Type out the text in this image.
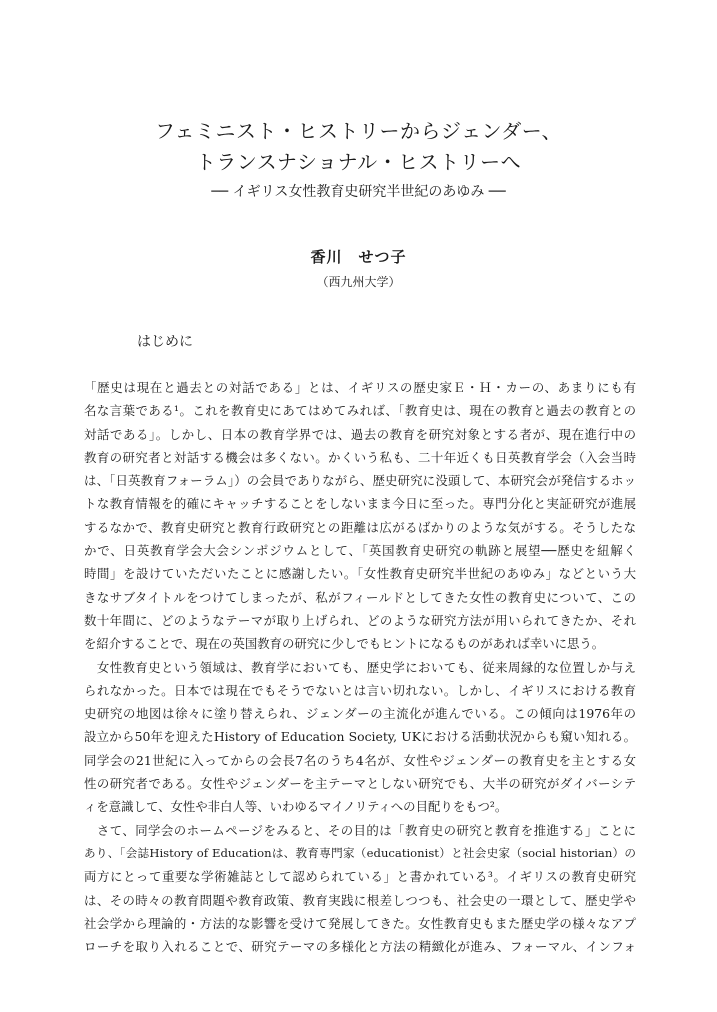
フェミニスト・ヒストリーからジェンダー、
トランスナショナル・ヒストリーへ
── イギリス女性教育史研究半世紀のあゆみ ──
香川　せつ子
（西九州大学）
はじめに
「歴史は現在と過去との対話である」とは、イギリスの歴史家Ｅ・Ｈ・カーの、あまりにも有
名な言葉である¹。これを教育史にあてはめてみれば、「教育史は、現在の教育と過去の教育との
対話である」。しかし、日本の教育学界では、過去の教育を研究対象とする者が、現在進行中の
教育の研究者と対話する機会は多くない。かくいう私も、二十年近くも日英教育学会（入会当時
は、「日英教育フォーラム」）の会員でありながら、歴史研究に没頭して、本研究会が発信するホッ
トな教育情報を的確にキャッチすることをしないまま今日に至った。専門分化と実証研究が進展
するなかで、教育史研究と教育行政研究との距離は広がるばかりのような気がする。そうしたな
かで、日英教育学会大会シンポジウムとして、「英国教育史研究の軌跡と展望──歴史を紐解く
時間」を設けていただいたことに感謝したい。「女性教育史研究半世紀のあゆみ」などという大
きなサブタイトルをつけてしまったが、私がフィールドとしてきた女性の教育史について、この
数十年間に、どのようなテーマが取り上げられ、どのような研究方法が用いられてきたか、それ
を紹介することで、現在の英国教育の研究に少しでもヒントになるものがあれば幸いに思う。
　女性教育史という領域は、教育学においても、歴史学においても、従来周縁的な位置しか与え
られなかった。日本では現在でもそうでないとは言い切れない。しかし、イギリスにおける教育
史研究の地図は徐々に塗り替えられ、ジェンダーの主流化が進んでいる。この傾向は1976年の
設立から50年を迎えたHistory of Education Society, UKにおける活動状況からも窺い知れる。
同学会の21世紀に入ってからの会長7名のうち4名が、女性やジェンダーの教育史を主とする女
性の研究者である。女性やジェンダーを主テーマとしない研究でも、大半の研究がダイバーシテ
ィを意識して、女性や非白人等、いわゆるマイノリティへの目配りをもつ²。
　さて、同学会のホームページをみると、その目的は「教育史の研究と教育を推進する」ことに
あり、「会誌History of Educationは、教育専門家（educationist）と社会史家（social historian）の
両方にとって重要な学術雑誌として認められている」と書かれている³。イギリスの教育史研究
は、その時々の教育問題や教育政策、教育実践に根差しつつも、社会史の一環として、歴史学や
社会学から理論的・方法的な影響を受けて発展してきた。女性教育史もまた歴史学の様々なアプ
ローチを取り入れることで、研究テーマの多様化と方法の精緻化が進み、フォーマル、インフォ
